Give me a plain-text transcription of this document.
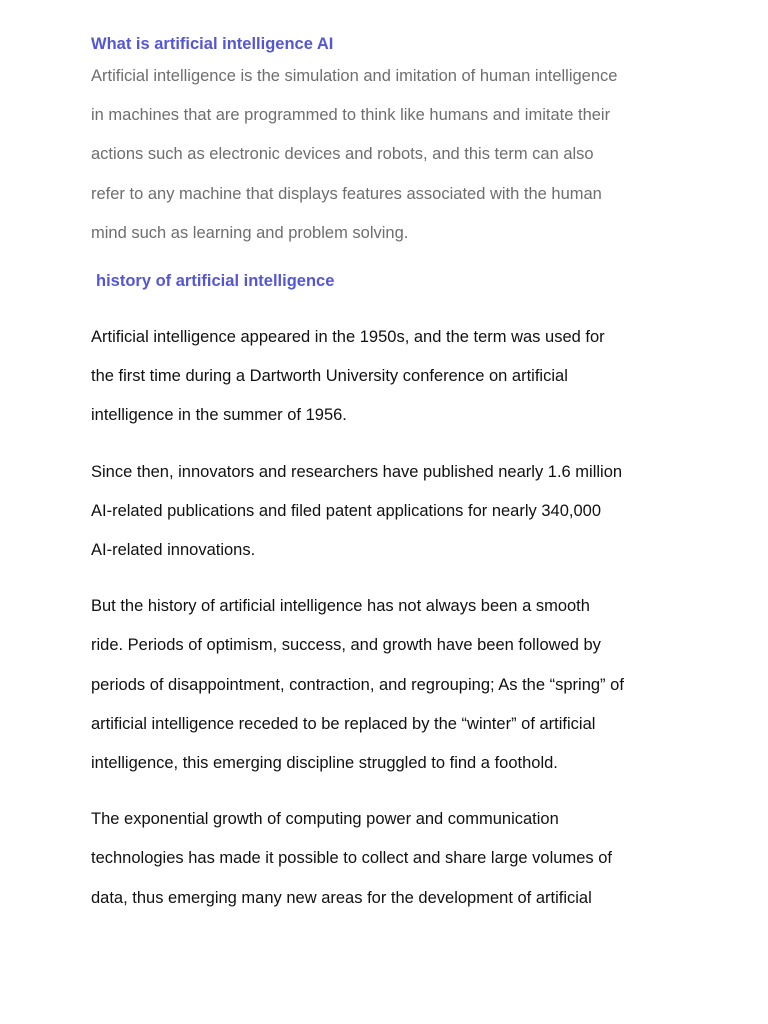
What is artificial intelligence AI

Artificial intelligence is the simulation and imitation of human intelligence
in machines that are programmed to think like humans and imitate their
actions such as electronic devices and robots, and this term can also
refer to any machine that displays features associated with the human
mind such as learning and problem solving.

history of artificial intelligence

Artificial intelligence appeared in the 1950s, and the term was used for
the first time during a Dartworth University conference on artificial
intelligence in the summer of 1956.

Since then, innovators and researchers have published nearly 1.6 million
AI-related publications and filed patent applications for nearly 340,000
AI-related innovations.

But the history of artificial intelligence has not always been a smooth
ride. Periods of optimism, success, and growth have been followed by
periods of disappointment, contraction, and regrouping; As the “spring” of
artificial intelligence receded to be replaced by the “winter” of artificial
intelligence, this emerging discipline struggled to find a foothold.

The exponential growth of computing power and communication
technologies has made it possible to collect and share large volumes of
data, thus emerging many new areas for the development of artificial
